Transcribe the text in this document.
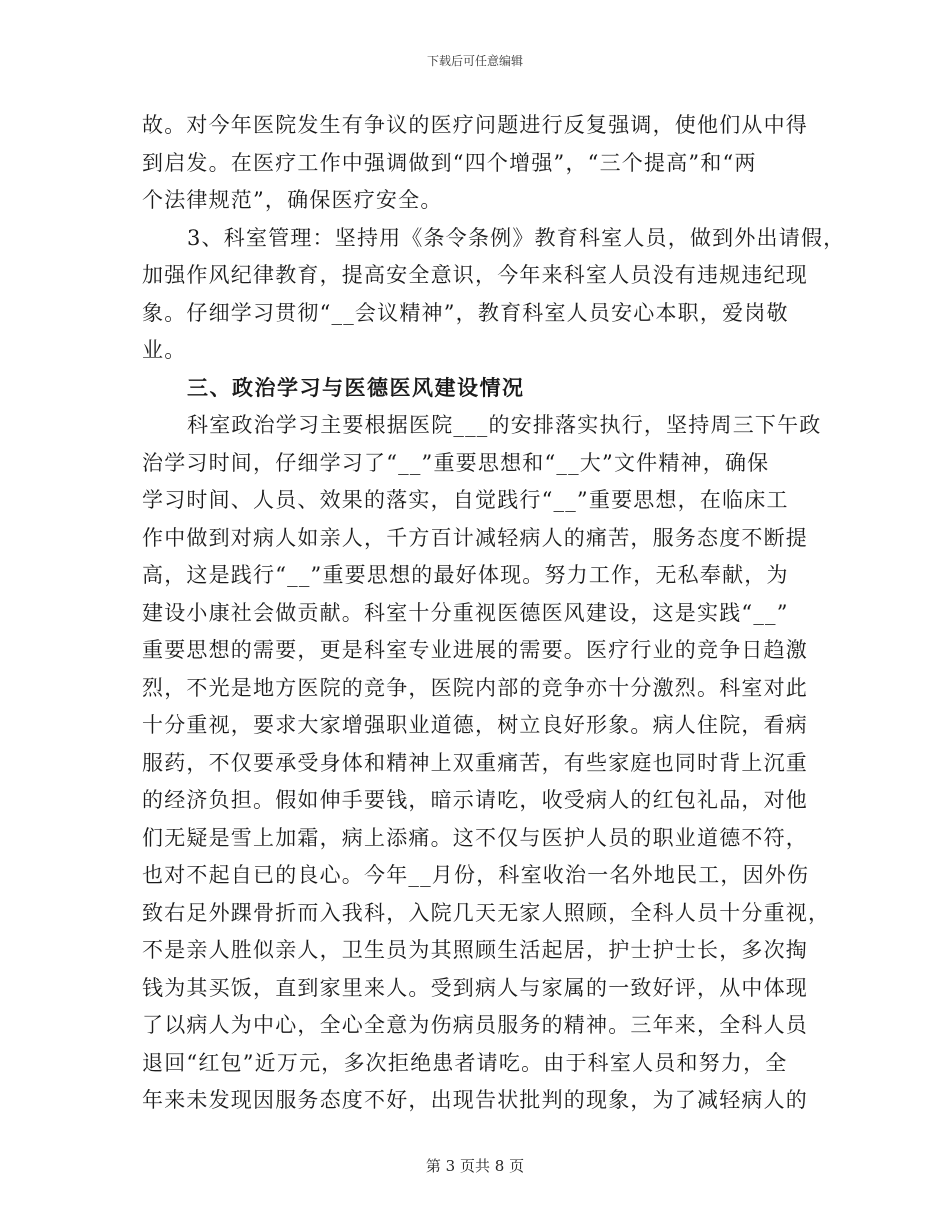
下载后可任意编辑
故。对今年医院发生有争议的医疗问题进行反复强调，使他们从中得
到启发。在医疗工作中强调做到“四个增强”，“三个提高”和“两
个法律规范”，确保医疗安全。
3、科室管理：坚持用《条令条例》教育科室人员，做到外出请假，
加强作风纪律教育，提高安全意识，今年来科室人员没有违规违纪现
象。仔细学习贯彻“__会议精神”，教育科室人员安心本职，爱岗敬
业。
三、政治学习与医德医风建设情况
科室政治学习主要根据医院___的安排落实执行，坚持周三下午政
治学习时间，仔细学习了“__”重要思想和“__大”文件精神，确保
学习时间、人员、效果的落实，自觉践行“__”重要思想，在临床工
作中做到对病人如亲人，千方百计减轻病人的痛苦，服务态度不断提
高，这是践行“__”重要思想的最好体现。努力工作，无私奉献，为
建设小康社会做贡献。科室十分重视医德医风建设，这是实践“__”
重要思想的需要，更是科室专业进展的需要。医疗行业的竞争日趋激
烈，不光是地方医院的竞争，医院内部的竞争亦十分激烈。科室对此
十分重视，要求大家增强职业道德，树立良好形象。病人住院，看病
服药，不仅要承受身体和精神上双重痛苦，有些家庭也同时背上沉重
的经济负担。假如伸手要钱，暗示请吃，收受病人的红包礼品，对他
们无疑是雪上加霜，病上添痛。这不仅与医护人员的职业道德不符，
也对不起自已的良心。今年__月份，科室收治一名外地民工，因外伤
致右足外踝骨折而入我科，入院几天无家人照顾，全科人员十分重视，
不是亲人胜似亲人，卫生员为其照顾生活起居，护士护士长，多次掏
钱为其买饭，直到家里来人。受到病人与家属的一致好评，从中体现
了以病人为中心，全心全意为伤病员服务的精神。三年来，全科人员
退回“红包”近万元，多次拒绝患者请吃。由于科室人员和努力，全
年来未发现因服务态度不好，出现告状批判的现象，为了减轻病人的
第 3 页共 8 页
